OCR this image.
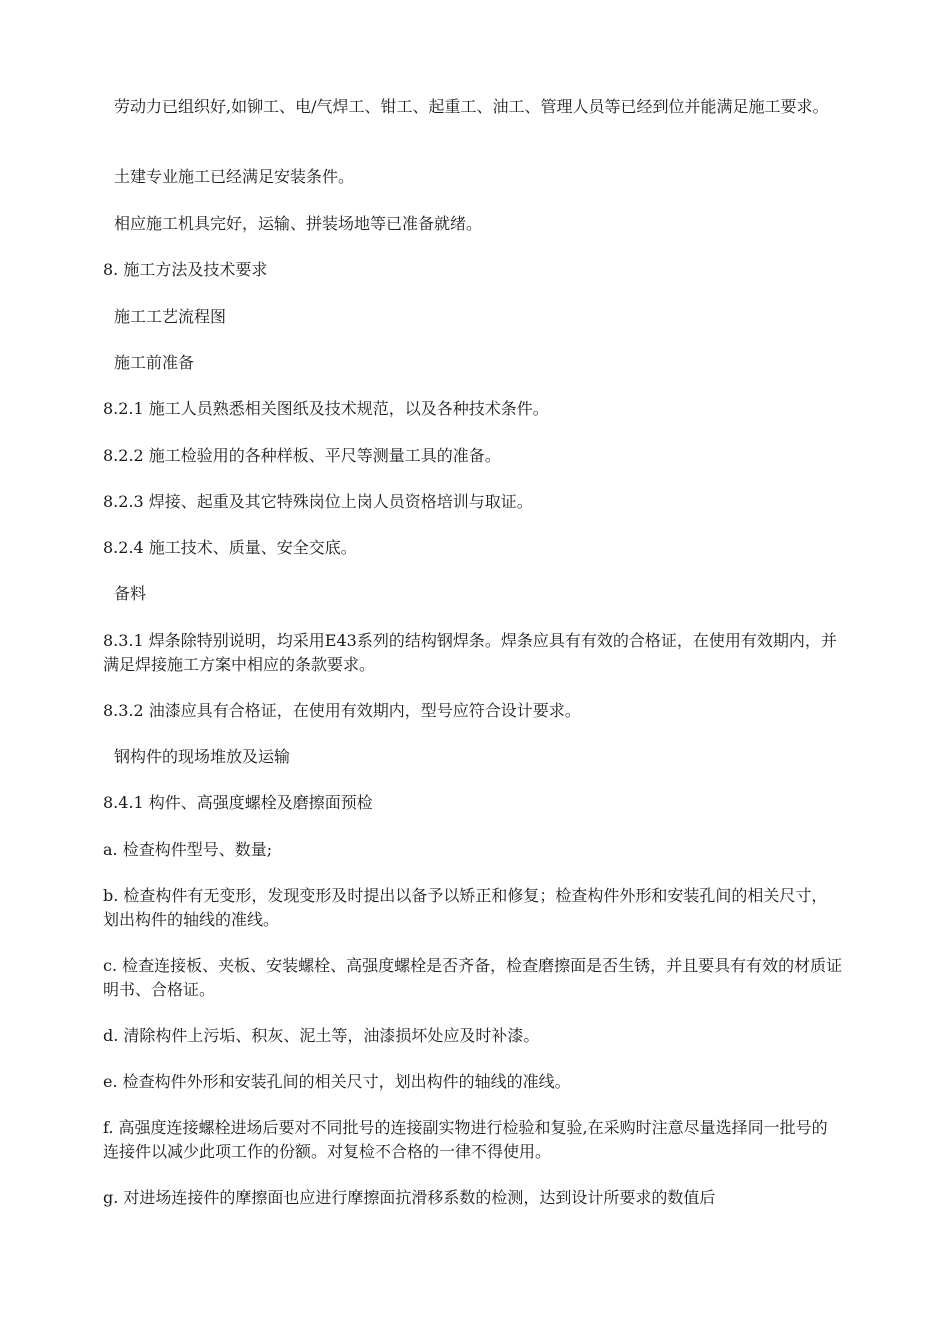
劳动力已组织好,如铆工、电/气焊工、钳工、起重工、油工、管理人员等已经到位并能满足施工要求。

土建专业施工已经满足安装条件。

相应施工机具完好，运输、拼装场地等已准备就绪。

8. 施工方法及技术要求

施工工艺流程图

施工前准备

8.2.1 施工人员熟悉相关图纸及技术规范，以及各种技术条件。

8.2.2 施工检验用的各种样板、平尺等测量工具的准备。

8.2.3 焊接、起重及其它特殊岗位上岗人员资格培训与取证。

8.2.4 施工技术、质量、安全交底。

备料

8.3.1 焊条除特别说明，均采用E43系列的结构钢焊条。焊条应具有有效的合格证，在使用有效期内，并满足焊接施工方案中相应的条款要求。

8.3.2 油漆应具有合格证，在使用有效期内，型号应符合设计要求。

钢构件的现场堆放及运输

8.4.1 构件、高强度螺栓及磨擦面预检

a. 检查构件型号、数量;

b. 检查构件有无变形，发现变形及时提出以备予以矫正和修复；检查构件外形和安装孔间的相关尺寸，划出构件的轴线的准线。

c. 检查连接板、夹板、安装螺栓、高强度螺栓是否齐备，检查磨擦面是否生锈，并且要具有有效的材质证明书、合格证。

d. 清除构件上污垢、积灰、泥土等，油漆损坏处应及时补漆。

e. 检查构件外形和安装孔间的相关尺寸，划出构件的轴线的准线。

f. 高强度连接螺栓进场后要对不同批号的连接副实物进行检验和复验,在采购时注意尽量选择同一批号的连接件以减少此项工作的份额。对复检不合格的一律不得使用。

g. 对进场连接件的摩擦面也应进行摩擦面抗滑移系数的检测，达到设计所要求的数值后
